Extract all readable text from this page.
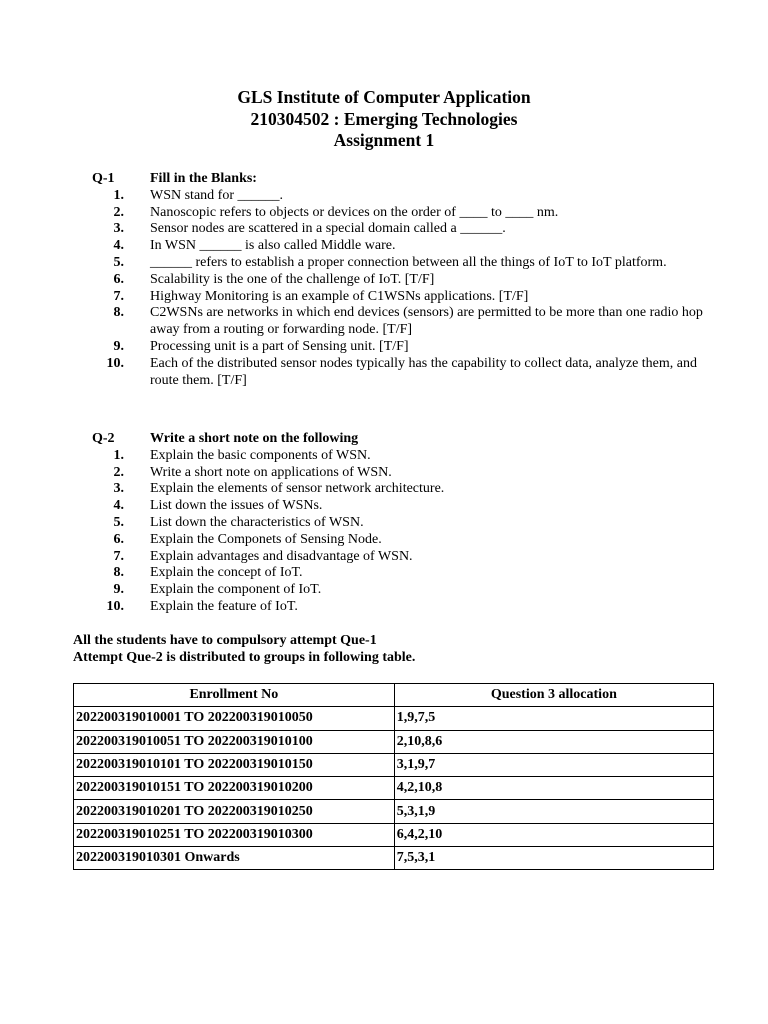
GLS Institute of Computer Application
210304502 : Emerging Technologies
Assignment 1
Q-1	Fill in the Blanks:
1. WSN stand for ______.
2. Nanoscopic refers to objects or devices on the order of ____ to ____ nm.
3. Sensor nodes are scattered in a special domain called a ______.
4. In WSN ______ is also called Middle ware.
5. ______ refers to establish a proper connection between all the things of IoT to IoT platform.
6. Scalability is the one of the challenge of IoT. [T/F]
7. Highway Monitoring is an example of C1WSNs applications. [T/F]
8. C2WSNs are networks in which end devices (sensors) are permitted to be more than one radio hop away from a routing or forwarding node. [T/F]
9. Processing unit is a part of Sensing unit. [T/F]
10. Each of the distributed sensor nodes typically has the capability to collect data, analyze them, and route them. [T/F]
Q-2	Write a short note on the following
1. Explain the basic components of WSN.
2. Write a short note on applications of WSN.
3. Explain the elements of sensor network architecture.
4. List down the issues of WSNs.
5. List down the characteristics of WSN.
6. Explain the Componets of Sensing Node.
7. Explain advantages and disadvantage of WSN.
8. Explain the concept of IoT.
9. Explain the component of IoT.
10. Explain the feature of IoT.
All the students have to compulsory attempt Que-1
Attempt Que-2 is distributed to groups in following table.
Enrollment No	Question 3 allocation
202200319010001 TO 202200319010050	1,9,7,5
202200319010051 TO 202200319010100	2,10,8,6
202200319010101 TO 202200319010150	3,1,9,7
202200319010151 TO 202200319010200	4,2,10,8
202200319010201 TO 202200319010250	5,3,1,9
202200319010251 TO 202200319010300	6,4,2,10
202200319010301 Onwards	7,5,3,1
